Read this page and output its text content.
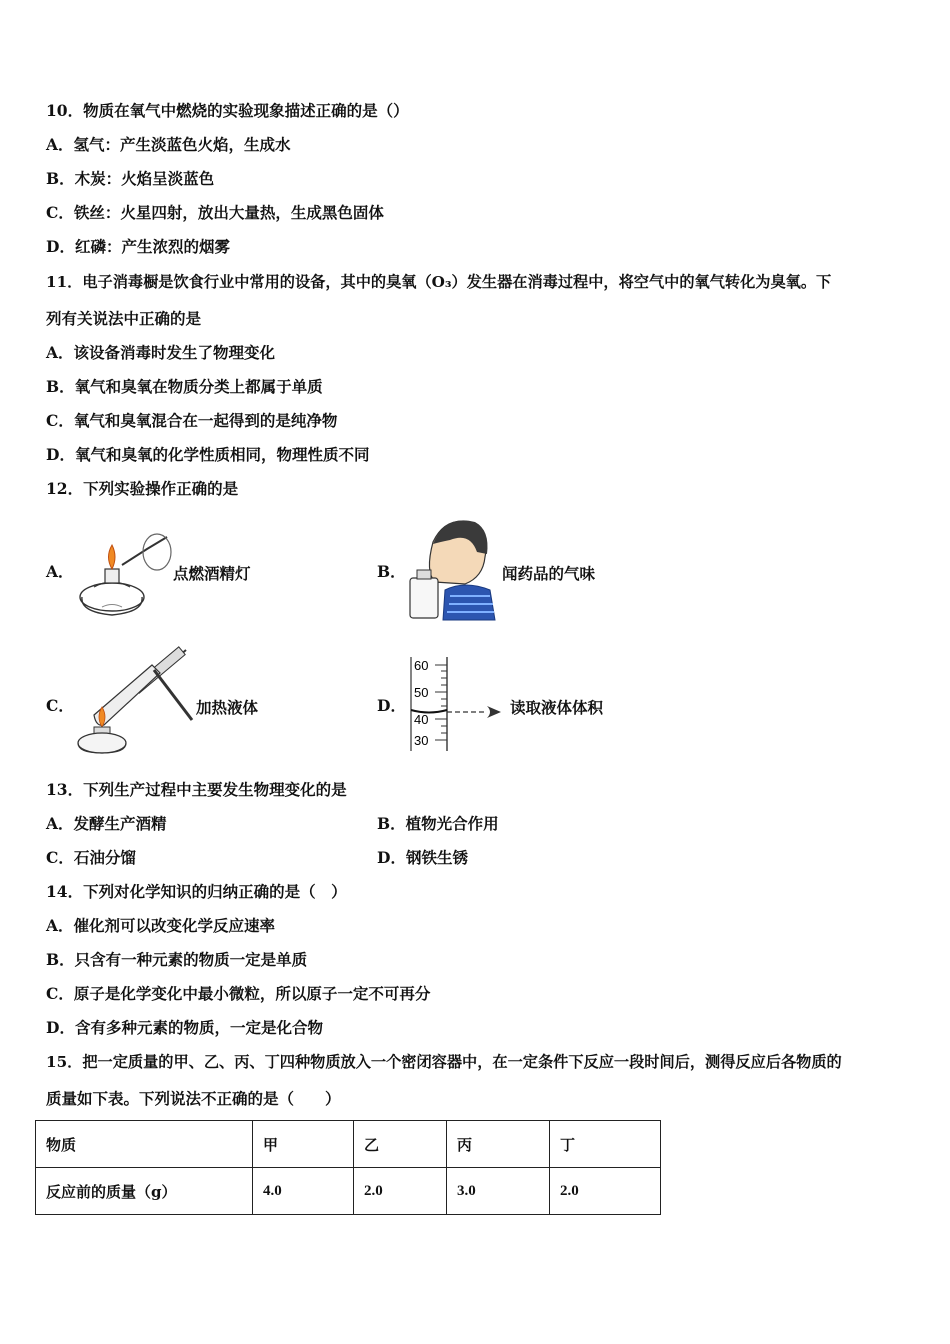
10．物质在氧气中燃烧的实验现象描述正确的是（）
A．氢气：产生淡蓝色火焰，生成水
B．木炭：火焰呈淡蓝色
C．铁丝：火星四射，放出大量热，生成黑色固体
D．红磷：产生浓烈的烟雾
11．电子消毒橱是饮食行业中常用的设备，其中的臭氧（O₃）发生器在消毒过程中，将空气中的氧气转化为臭氧。下
列有关说法中正确的是
A．该设备消毒时发生了物理变化
B．氧气和臭氧在物质分类上都属于单质
C．氧气和臭氧混合在一起得到的是纯净物
D．氧气和臭氧的化学性质相同，物理性质不同
12．下列实验操作正确的是
A．	点燃酒精灯	B．	闻药品的气味
C．	加热液体	D．
60
50
40
30
读取液体体积
13．下列生产过程中主要发生物理变化的是
A．发酵生产酒精	B．植物光合作用
C．石油分馏	D．钢铁生锈
14．下列对化学知识的归纳正确的是（　）
A．催化剂可以改变化学反应速率
B．只含有一种元素的物质一定是单质
C．原子是化学变化中最小微粒，所以原子一定不可再分
D．含有多种元素的物质，一定是化合物
15．把一定质量的甲、乙、丙、丁四种物质放入一个密闭容器中，在一定条件下反应一段时间后，测得反应后各物质的
质量如下表。下列说法不正确的是（　　）
物质	甲	乙	丙	丁
反应前的质量（g）	4.0	2.0	3.0	2.0
